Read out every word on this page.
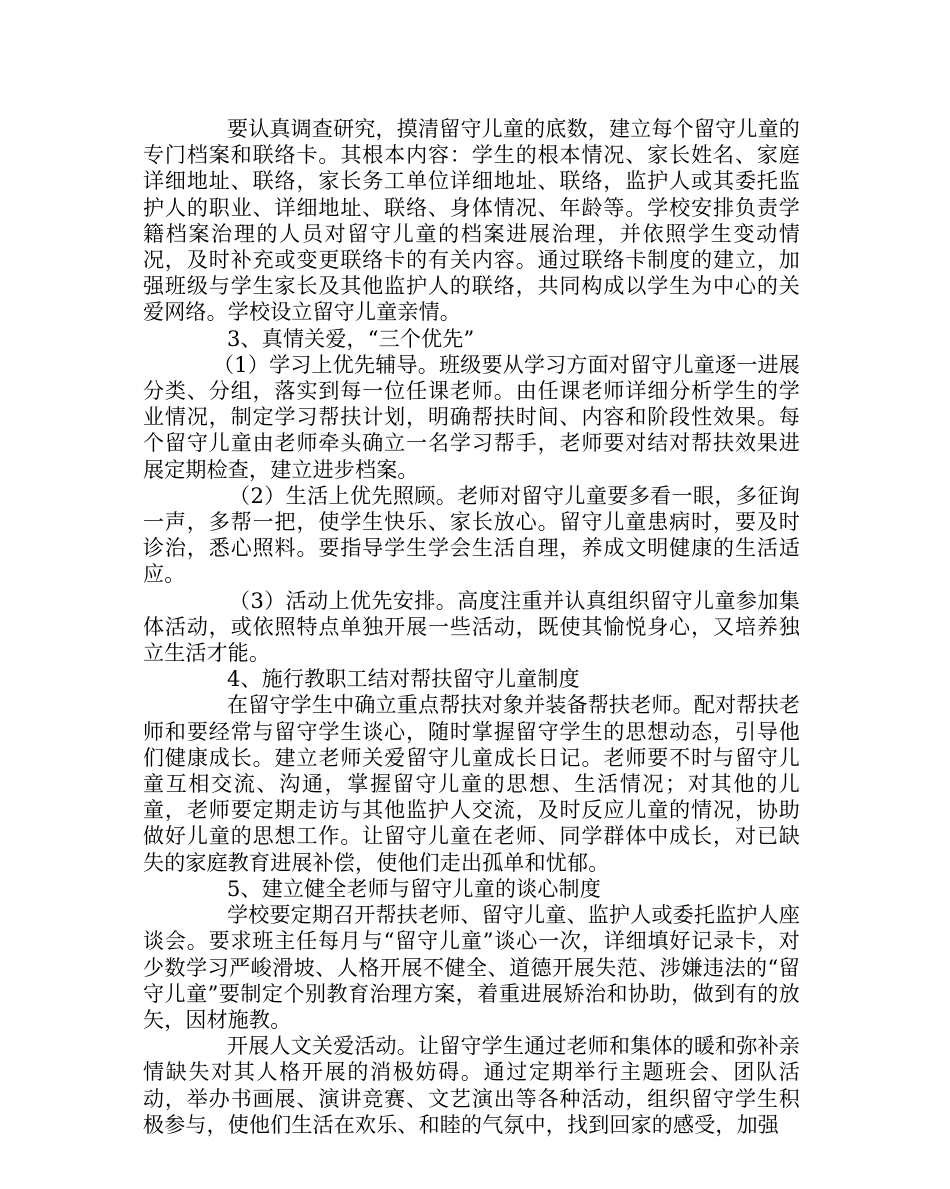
要认真调查研究，摸清留守儿童的底数，建立每个留守儿童的专门档案和联络卡。其根本内容：学生的根本情况、家长姓名、家庭详细地址、联络，家长务工单位详细地址、联络，监护人或其委托监护人的职业、详细地址、联络、身体情况、年龄等。学校安排负责学籍档案治理的人员对留守儿童的档案进展治理，并依照学生变动情况，及时补充或变更联络卡的有关内容。通过联络卡制度的建立，加强班级与学生家长及其他监护人的联络，共同构成以学生为中心的关爱网络。学校设立留守儿童亲情。

3、真情关爱，“三个优先”

（1）学习上优先辅导。班级要从学习方面对留守儿童逐一进展分类、分组，落实到每一位任课老师。由任课老师详细分析学生的学业情况，制定学习帮扶计划，明确帮扶时间、内容和阶段性效果。每个留守儿童由老师牵头确立一名学习帮手，老师要对结对帮扶效果进展定期检查，建立进步档案。

（2）生活上优先照顾。老师对留守儿童要多看一眼，多征询一声，多帮一把，使学生快乐、家长放心。留守儿童患病时，要及时诊治，悉心照料。要指导学生学会生活自理，养成文明健康的生活适应。

（3）活动上优先安排。高度注重并认真组织留守儿童参加集体活动，或依照特点单独开展一些活动，既使其愉悦身心，又培养独立生活才能。

4、施行教职工结对帮扶留守儿童制度

在留守学生中确立重点帮扶对象并装备帮扶老师。配对帮扶老师和要经常与留守学生谈心，随时掌握留守学生的思想动态，引导他们健康成长。建立老师关爱留守儿童成长日记。老师要不时与留守儿童互相交流、沟通，掌握留守儿童的思想、生活情况；对其他的儿童，老师要定期走访与其他监护人交流，及时反应儿童的情况，协助做好儿童的思想工作。让留守儿童在老师、同学群体中成长，对已缺失的家庭教育进展补偿，使他们走出孤单和忧郁。

5、建立健全老师与留守儿童的谈心制度

学校要定期召开帮扶老师、留守儿童、监护人或委托监护人座谈会。要求班主任每月与“留守儿童”谈心一次，详细填好记录卡，对少数学习严峻滑坡、人格开展不健全、道德开展失范、涉嫌违法的“留守儿童”要制定个别教育治理方案，着重进展矫治和协助，做到有的放矢，因材施教。

开展人文关爱活动。让留守学生通过老师和集体的暖和弥补亲情缺失对其人格开展的消极妨碍。通过定期举行主题班会、团队活动，举办书画展、演讲竞赛、文艺演出等各种活动，组织留守学生积极参与，使他们生活在欢乐、和睦的气氛中，找到回家的感受，加强
